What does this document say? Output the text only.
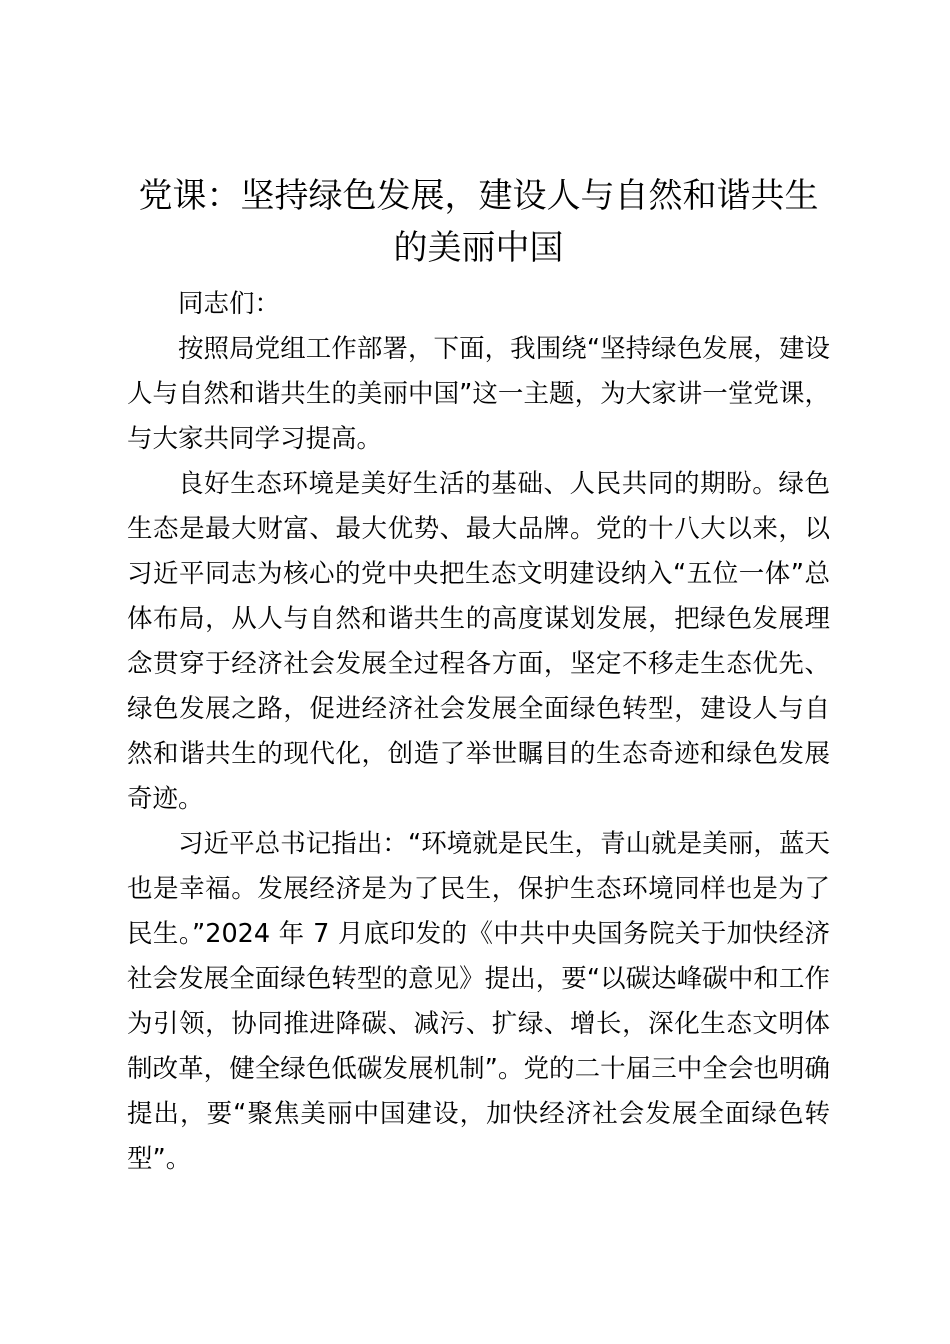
党课：坚持绿色发展，建设人与自然和谐共生的美丽中国

同志们：

按照局党组工作部署，下面，我围绕“坚持绿色发展，建设人与自然和谐共生的美丽中国”这一主题，为大家讲一堂党课，与大家共同学习提高。

良好生态环境是美好生活的基础、人民共同的期盼。绿色生态是最大财富、最大优势、最大品牌。党的十八大以来，以习近平同志为核心的党中央把生态文明建设纳入“五位一体”总体布局，从人与自然和谐共生的高度谋划发展，把绿色发展理念贯穿于经济社会发展全过程各方面，坚定不移走生态优先、绿色发展之路，促进经济社会发展全面绿色转型，建设人与自然和谐共生的现代化，创造了举世瞩目的生态奇迹和绿色发展奇迹。

习近平总书记指出：“环境就是民生，青山就是美丽，蓝天也是幸福。发展经济是为了民生，保护生态环境同样也是为了民生。”2024 年 7 月底印发的《中共中央国务院关于加快经济社会发展全面绿色转型的意见》提出，要“以碳达峰碳中和工作为引领，协同推进降碳、减污、扩绿、增长，深化生态文明体制改革，健全绿色低碳发展机制”。党的二十届三中全会也明确提出，要“聚焦美丽中国建设，加快经济社会发展全面绿色转型”。
